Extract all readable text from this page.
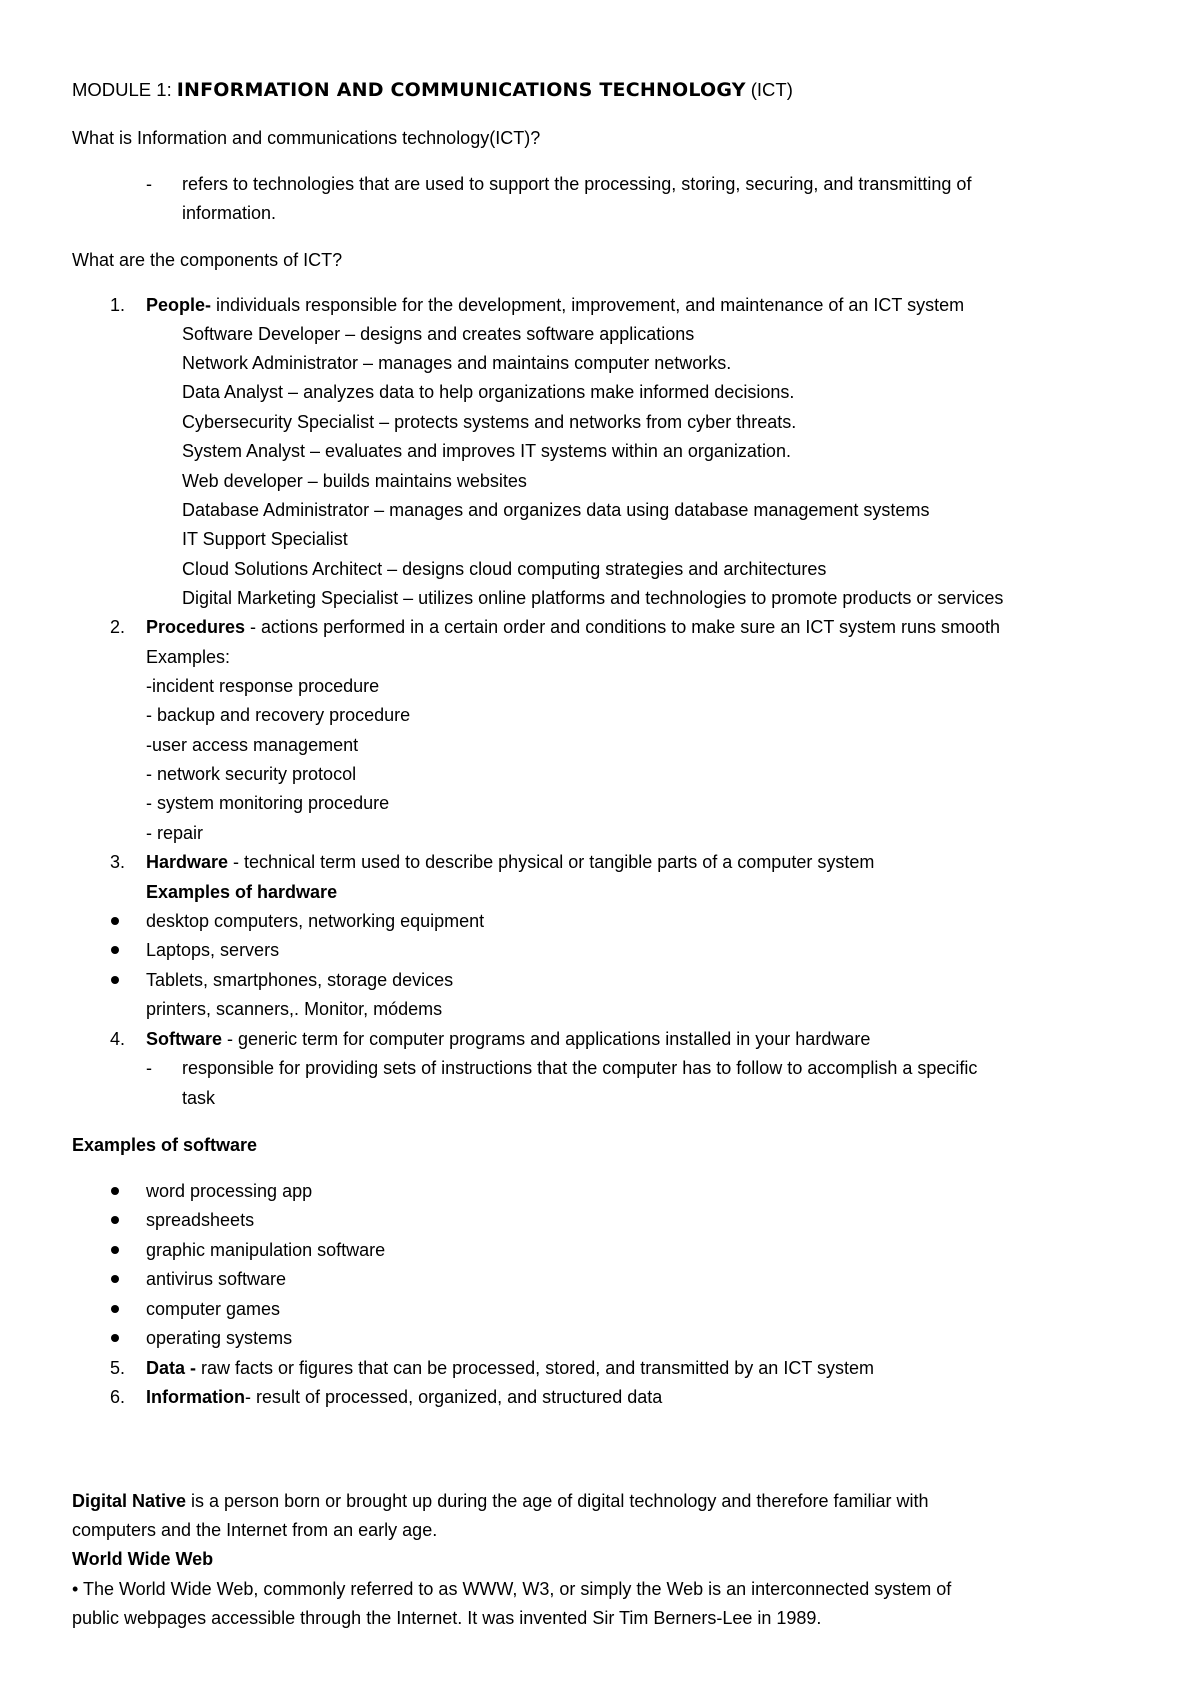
MODULE 1: INFORMATION AND COMMUNICATIONS TECHNOLOGY (ICT)
What is Information and communications technology(ICT)?
- refers to technologies that are used to support the processing, storing, securing, and transmitting of
information.
What are the components of ICT?
1. People- individuals responsible for the development, improvement, and maintenance of an ICT system
Software Developer – designs and creates software applications
Network Administrator – manages and maintains computer networks.
Data Analyst – analyzes data to help organizations make informed decisions.
Cybersecurity Specialist – protects systems and networks from cyber threats.
System Analyst – evaluates and improves IT systems within an organization.
Web developer – builds maintains websites
Database Administrator – manages and organizes data using database management systems
IT Support Specialist
Cloud Solutions Architect – designs cloud computing strategies and architectures
Digital Marketing Specialist – utilizes online platforms and technologies to promote products or services
2. Procedures - actions performed in a certain order and conditions to make sure an ICT system runs smooth
Examples:
-incident response procedure
- backup and recovery procedure
-user access management
- network security protocol
- system monitoring procedure
- repair
3. Hardware - technical term used to describe physical or tangible parts of a computer system
Examples of hardware
desktop computers, networking equipment
Laptops, servers
Tablets, smartphones, storage devices
printers, scanners,. Monitor, módems
4. Software - generic term for computer programs and applications installed in your hardware
- responsible for providing sets of instructions that the computer has to follow to accomplish a specific
task
Examples of software
word processing app
spreadsheets
graphic manipulation software
antivirus software
computer games
operating systems
5. Data - raw facts or figures that can be processed, stored, and transmitted by an ICT system
6. Information- result of processed, organized, and structured data
Digital Native is a person born or brought up during the age of digital technology and therefore familiar with
computers and the Internet from an early age.
World Wide Web
• The World Wide Web, commonly referred to as WWW, W3, or simply the Web is an interconnected system of
public webpages accessible through the Internet. It was invented Sir Tim Berners-Lee in 1989.
